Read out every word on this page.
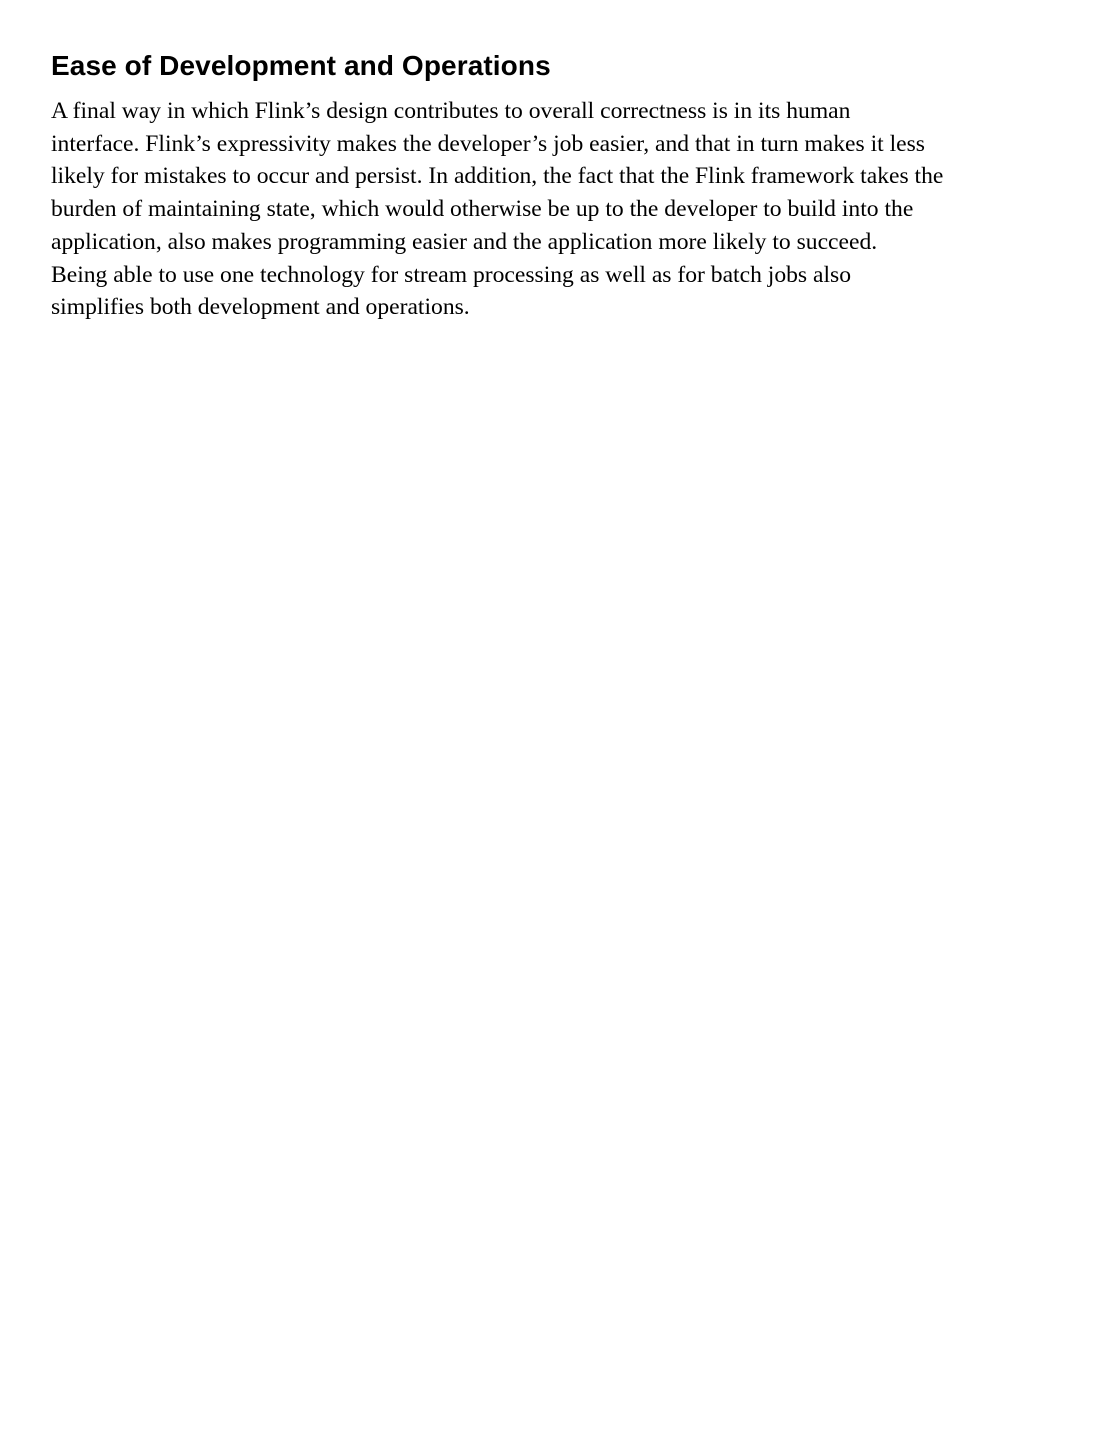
Ease of Development and Operations

A final way in which Flink’s design contributes to overall correctness is in its human
interface. Flink’s expressivity makes the developer’s job easier, and that in turn makes it less
likely for mistakes to occur and persist. In addition, the fact that the Flink framework takes the
burden of maintaining state, which would otherwise be up to the developer to build into the
application, also makes programming easier and the application more likely to succeed.
Being able to use one technology for stream processing as well as for batch jobs also
simplifies both development and operations.
